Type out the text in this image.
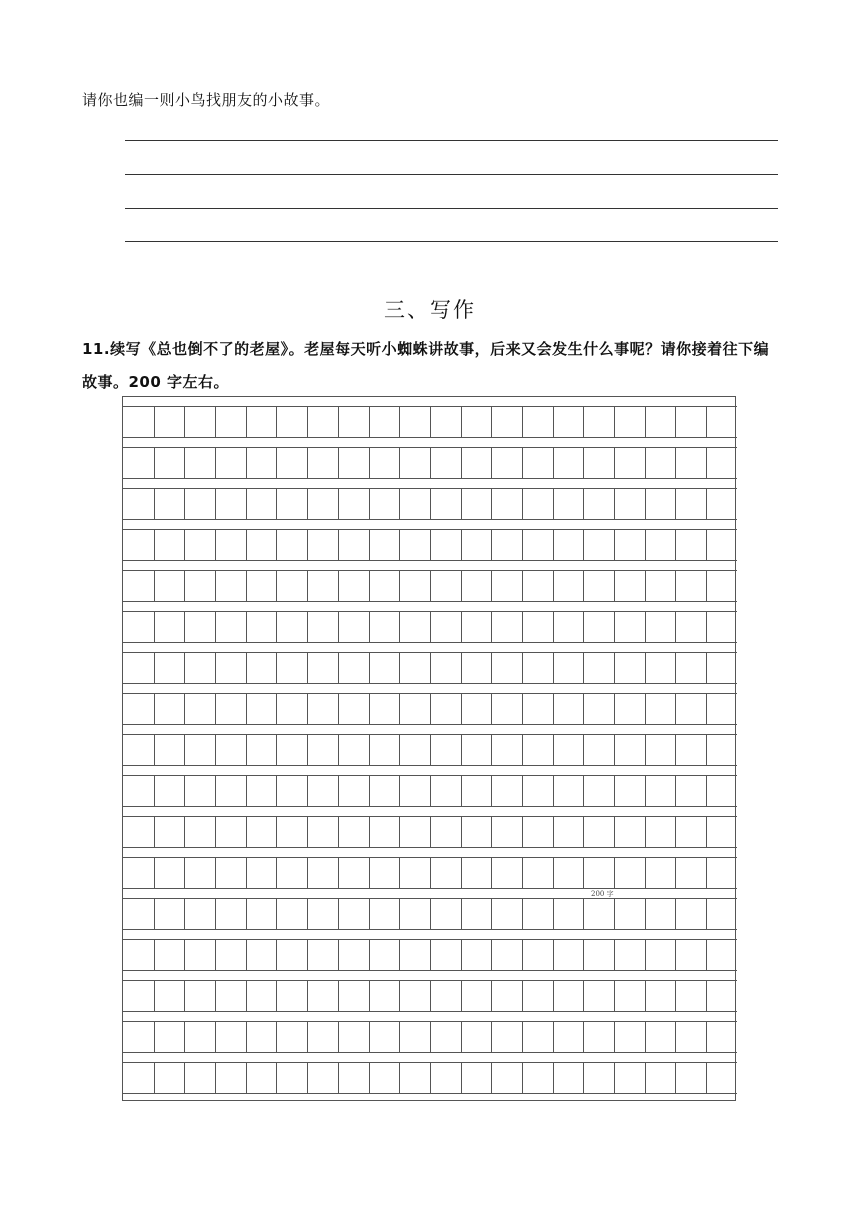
请你也编一则小鸟找朋友的小故事。
三、写作
11.续写《总也倒不了的老屋》。老屋每天听小蜘蛛讲故事，后来又会发生什么事呢？请你接着往下编故事。200 字左右。
200 字
